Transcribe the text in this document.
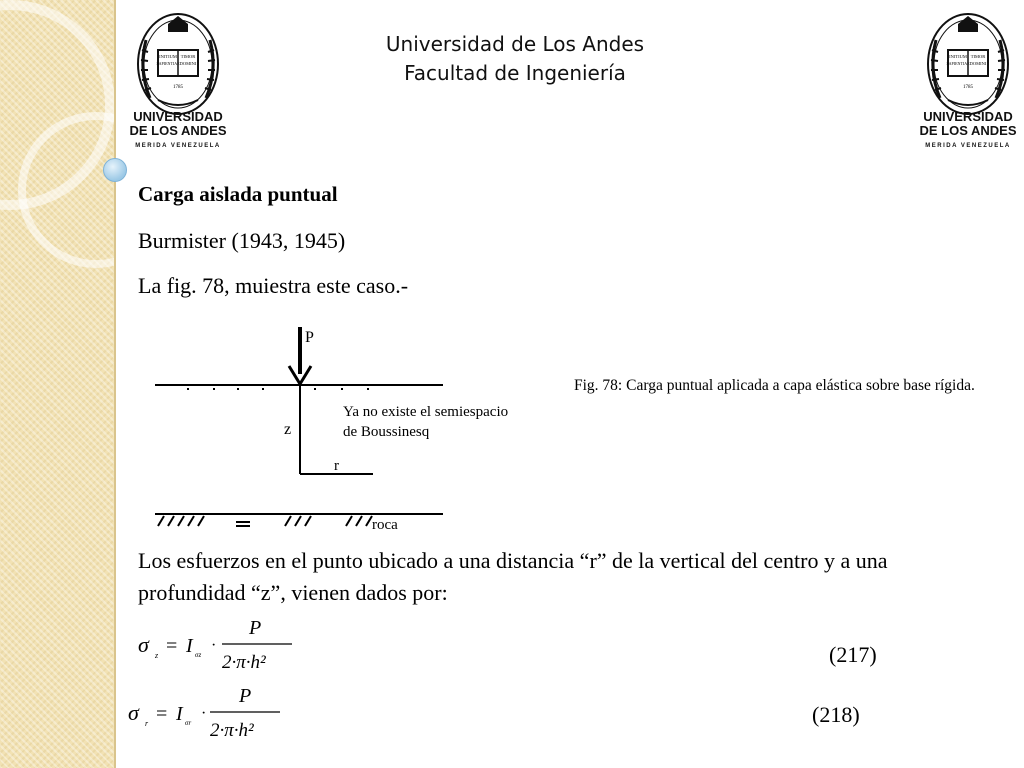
Universidad de Los Andes
Facultad de Ingeniería
INITIUM TIMOR
SAPIENTIAE DOMINI
1785
UNIVERSIDAD
DE LOS ANDES
MERIDA VENEZUELA
INITIUM TIMOR
SAPIENTIAE DOMINI
1785
UNIVERSIDAD
DE LOS ANDES
MERIDA VENEZUELA
Carga aislada puntual
Burmister (1943, 1945)
La fig. 78, muiestra este caso.-
P
z
r
Ya no existe el semiespacio
de Boussinesq
roca
Fig. 78: Carga puntual aplicada a capa elástica sobre base rígida.
Los esfuerzos en el punto ubicado a una distancia “r” de la vertical del centro y a una profundidad “z”, vienen dados por:
σ z = I σz
·
P
2·π·h²	(217)
σ r = I σr
·
P
2·π·h²
(218)
